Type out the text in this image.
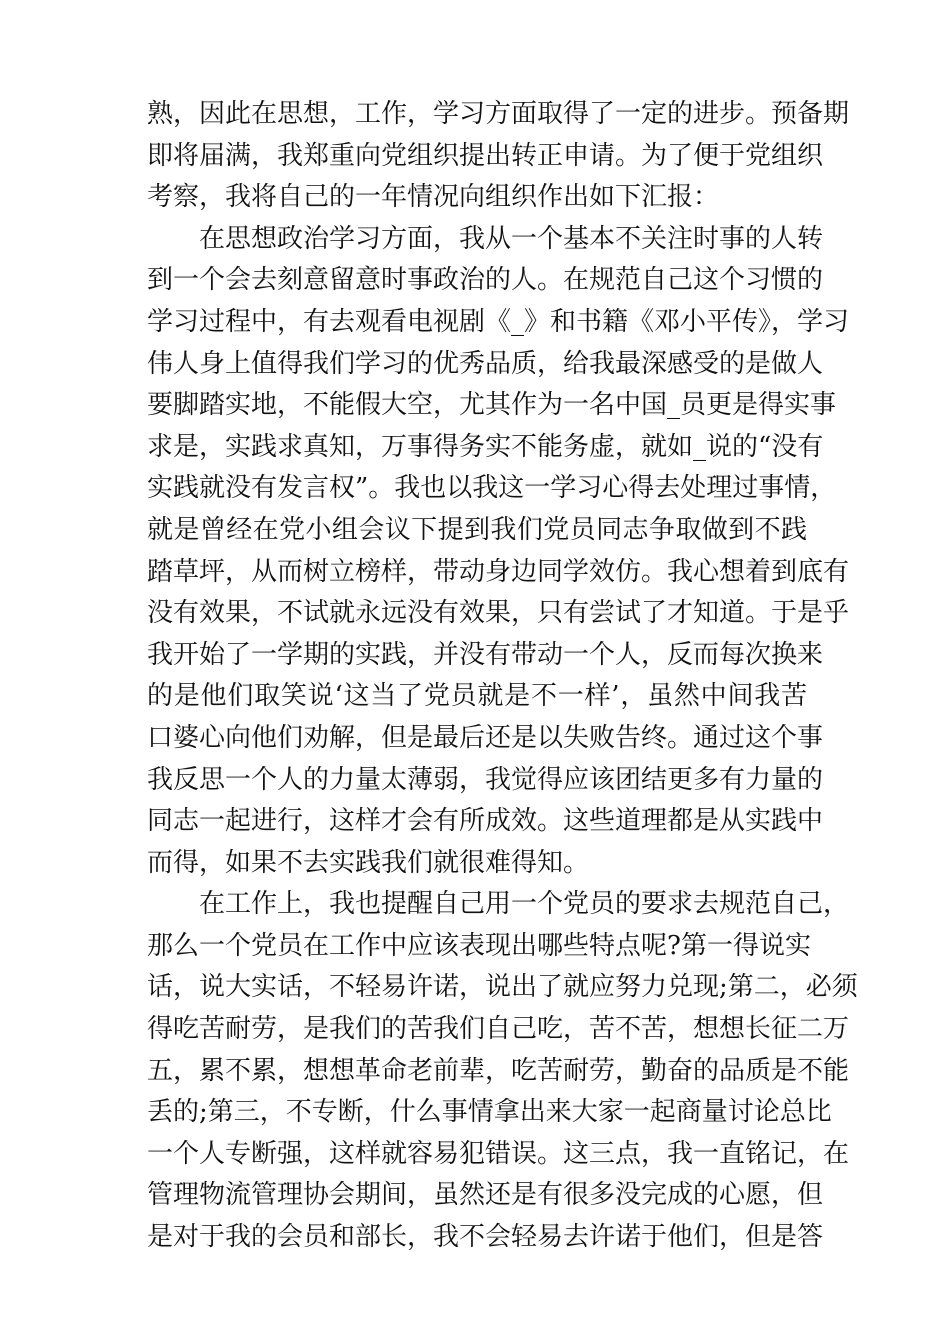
熟，因此在思想，工作，学习方面取得了一定的进步。预备期
即将届满，我郑重向党组织提出转正申请。为了便于党组织
考察，我将自己的一年情况向组织作出如下汇报：
在思想政治学习方面，我从一个基本不关注时事的人转
到一个会去刻意留意时事政治的人。在规范自己这个习惯的
学习过程中，有去观看电视剧《_》和书籍《邓小平传》，学习
伟人身上值得我们学习的优秀品质，给我最深感受的是做人
要脚踏实地，不能假大空，尤其作为一名中国_员更是得实事
求是，实践求真知，万事得务实不能务虚，就如_说的“没有
实践就没有发言权”。我也以我这一学习心得去处理过事情，
就是曾经在党小组会议下提到我们党员同志争取做到不践
踏草坪，从而树立榜样，带动身边同学效仿。我心想着到底有
没有效果，不试就永远没有效果，只有尝试了才知道。于是乎
我开始了一学期的实践，并没有带动一个人，反而每次换来
的是他们取笑说‘这当了党员就是不一样’，虽然中间我苦
口婆心向他们劝解，但是最后还是以失败告终。通过这个事
我反思一个人的力量太薄弱，我觉得应该团结更多有力量的
同志一起进行，这样才会有所成效。这些道理都是从实践中
而得，如果不去实践我们就很难得知。
在工作上，我也提醒自己用一个党员的要求去规范自己，
那么一个党员在工作中应该表现出哪些特点呢?第一得说实
话，说大实话，不轻易许诺，说出了就应努力兑现;第二，必须
得吃苦耐劳，是我们的苦我们自己吃，苦不苦，想想长征二万
五，累不累，想想革命老前辈，吃苦耐劳，勤奋的品质是不能
丢的;第三，不专断，什么事情拿出来大家一起商量讨论总比
一个人专断强，这样就容易犯错误。这三点，我一直铭记，在
管理物流管理协会期间，虽然还是有很多没完成的心愿，但
是对于我的会员和部长，我不会轻易去许诺于他们，但是答
